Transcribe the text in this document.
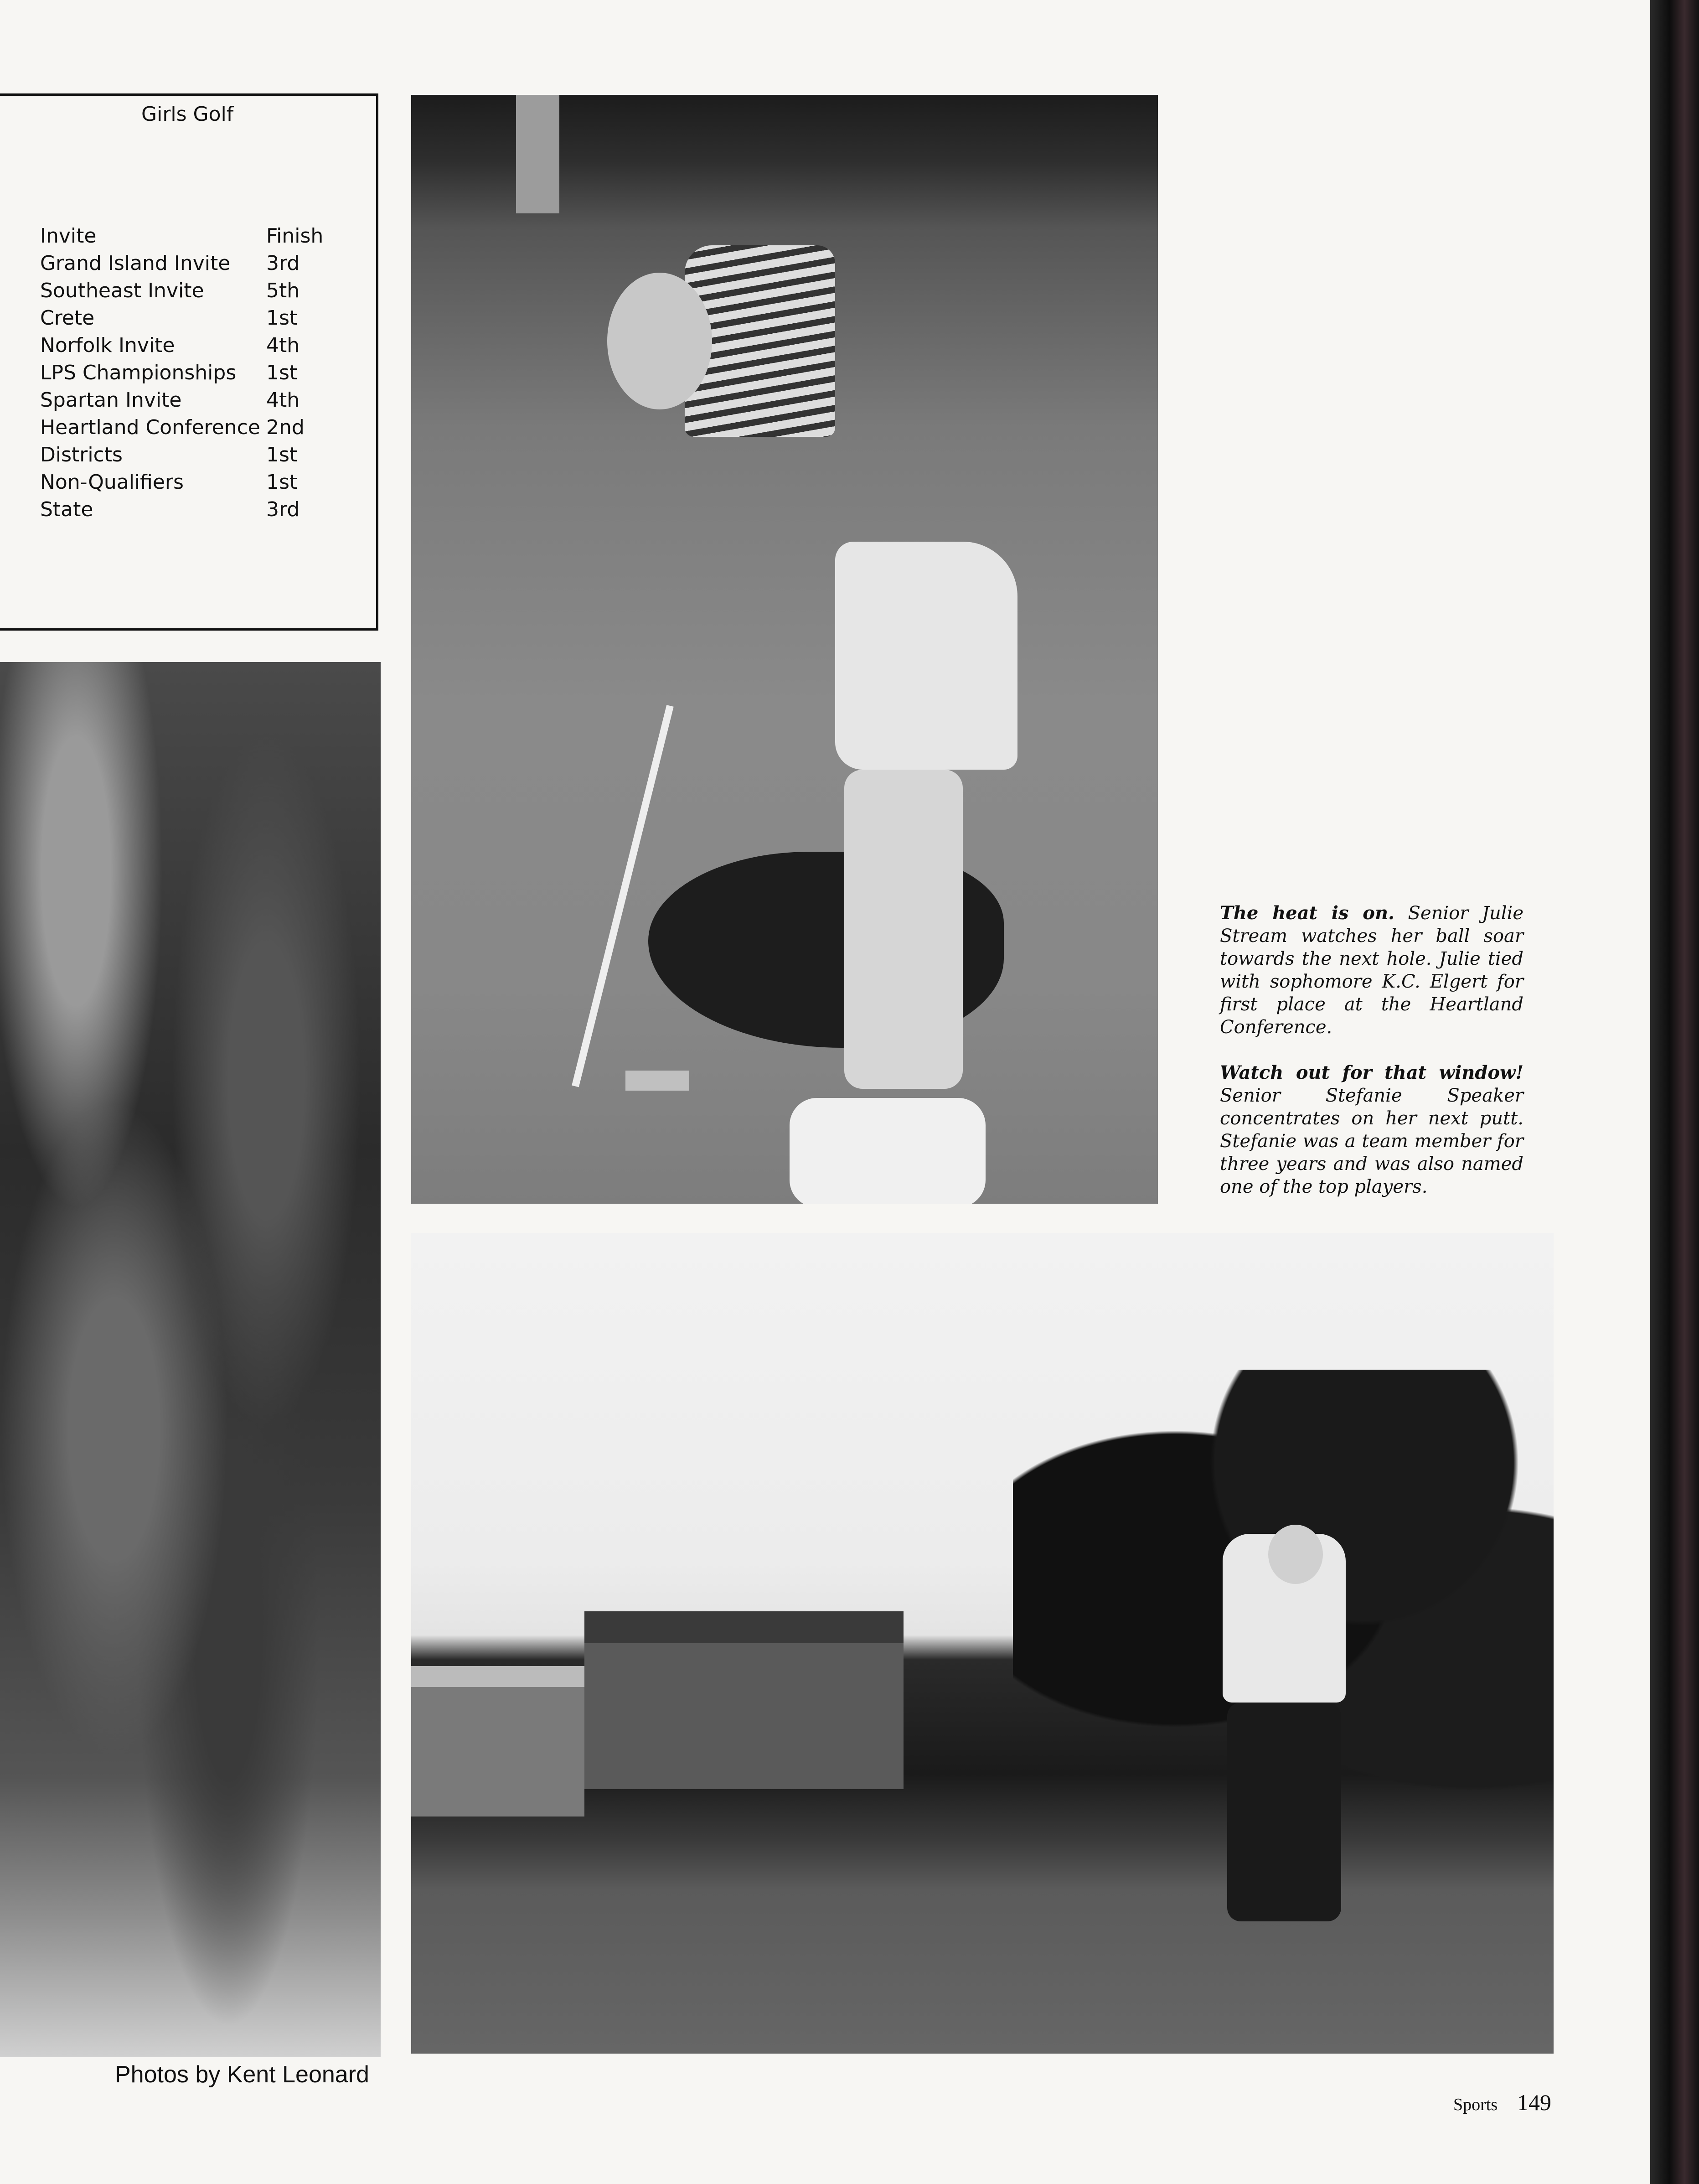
Girls Golf
Invite	Finish
Grand Island Invite	3rd
Southeast Invite	5th
Crete	1st
Norfolk Invite	4th
LPS Championships	1st
Spartan Invite	4th
Heartland Conference	2nd
Districts	1st
Non-Qualifiers	1st
State	3rd

The heat is on. Senior Julie Stream watches her ball soar towards the next hole. Julie tied with sophomore K.C. Elgert for first place at the Heartland Conference.

Watch out for that window! Senior Stefanie Speaker concentrates on her next putt. Stefanie was a team member for three years and was also named one of the top players.

Photos by Kent Leonard
Sports 149
